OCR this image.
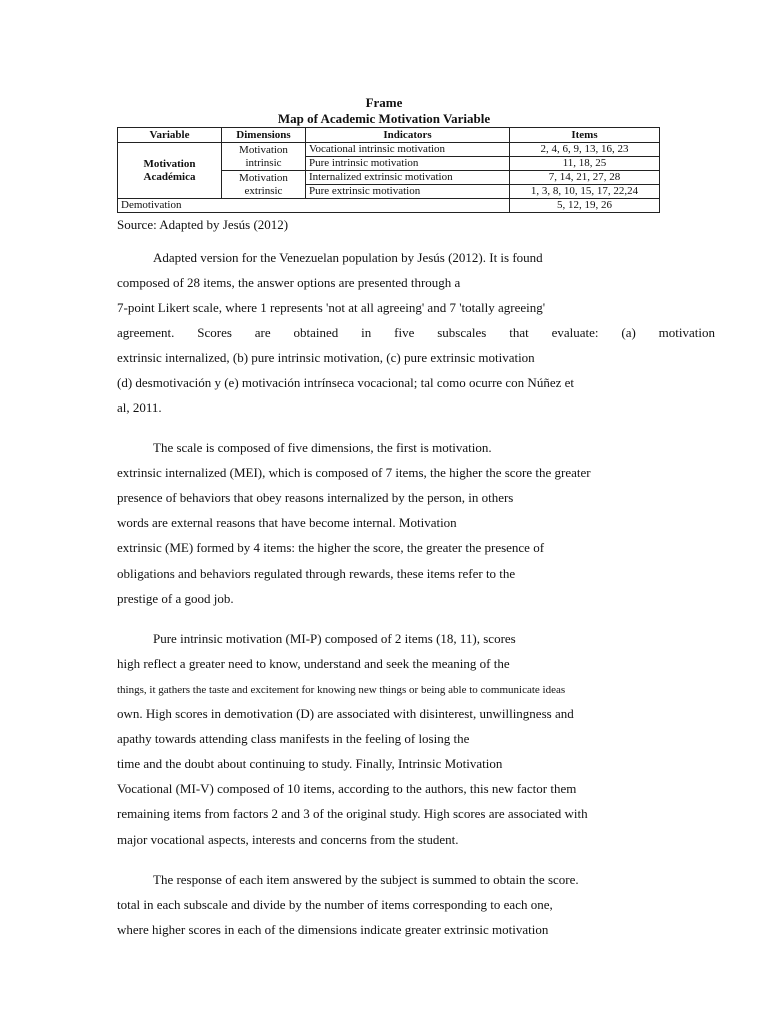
Frame
Map of Academic Motivation Variable
Variable	Dimensions	Indicators	Items
Motivation Académica	Motivation intrinsic	Vocational intrinsic motivation	2, 4, 6, 9, 13, 16, 23
		Pure intrinsic motivation	11, 18, 25
	Motivation extrinsic	Internalized extrinsic motivation	7, 14, 21, 27, 28
		Pure extrinsic motivation	1, 3, 8, 10, 15, 17, 22,24
Demotivation			5, 12, 19, 26
Source: Adapted by Jesús (2012)
Adapted version for the Venezuelan population by Jesús (2012). It is found
composed of 28 items, the answer options are presented through a
7-point Likert scale, where 1 represents 'not at all agreeing' and 7 'totally agreeing'
agreement. Scores are obtained in five subscales that evaluate: (a) motivation
extrinsic internalized, (b) pure intrinsic motivation, (c) pure extrinsic motivation
(d) desmotivación y (e) motivación intrínseca vocacional; tal como ocurre con Núñez et
al, 2011.
The scale is composed of five dimensions, the first is motivation.
extrinsic internalized (MEI), which is composed of 7 items, the higher the score the greater
presence of behaviors that obey reasons internalized by the person, in others
words are external reasons that have become internal. Motivation
extrinsic (ME) formed by 4 items: the higher the score, the greater the presence of
obligations and behaviors regulated through rewards, these items refer to the
prestige of a good job.
Pure intrinsic motivation (MI-P) composed of 2 items (18, 11), scores
high reflect a greater need to know, understand and seek the meaning of the
things, it gathers the taste and excitement for knowing new things or being able to communicate ideas
own. High scores in demotivation (D) are associated with disinterest, unwillingness and
apathy towards attending class manifests in the feeling of losing the
time and the doubt about continuing to study. Finally, Intrinsic Motivation
Vocational (MI-V) composed of 10 items, according to the authors, this new factor them
remaining items from factors 2 and 3 of the original study. High scores are associated with
major vocational aspects, interests and concerns from the student.
The response of each item answered by the subject is summed to obtain the score.
total in each subscale and divide by the number of items corresponding to each one,
where higher scores in each of the dimensions indicate greater extrinsic motivation
